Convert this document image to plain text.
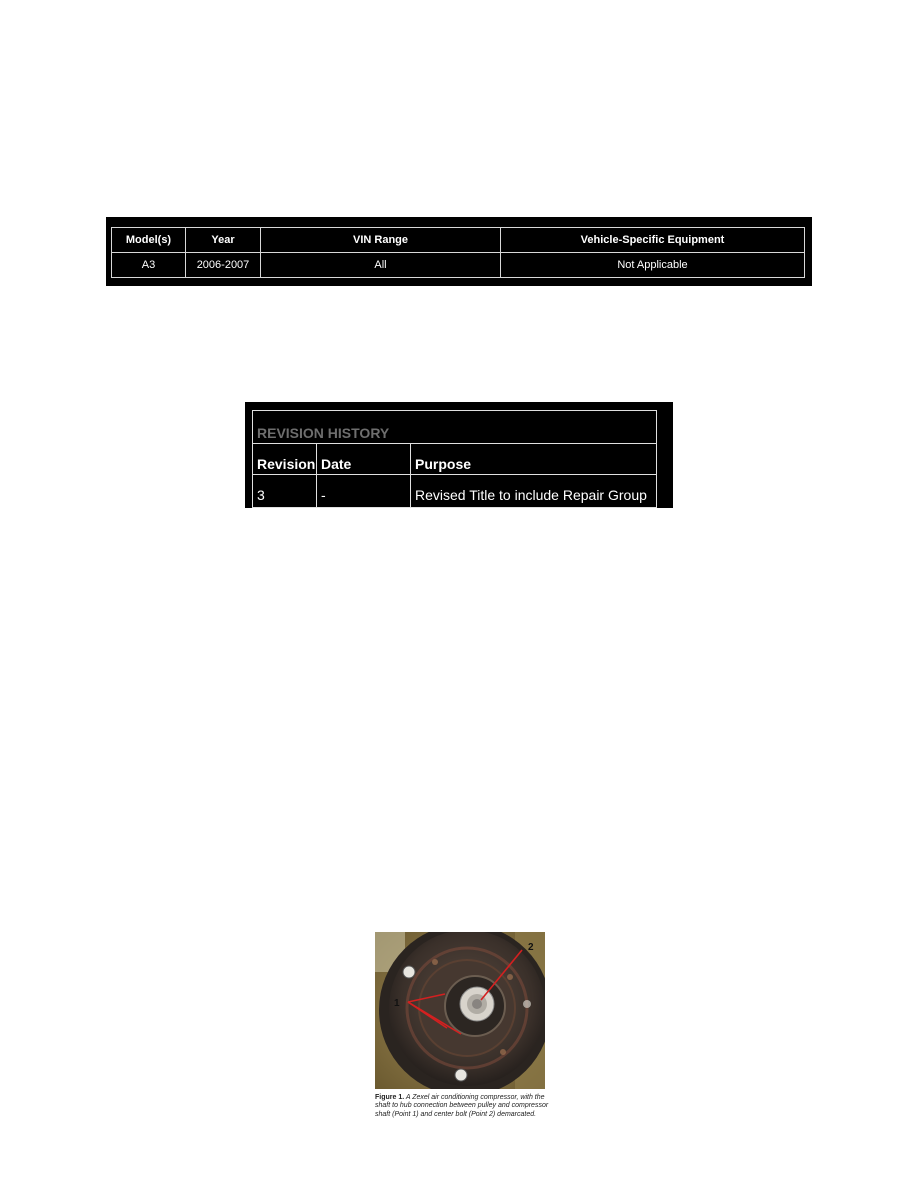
Model(s)	Year	VIN Range	Vehicle-Specific Equipment
A3	2006-2007	All	Not Applicable
REVISION HISTORY		
Revision	Date	Purpose
3	-	Revised Title to include Repair Group
1
2
Figure 1. A Zexel air conditioning compressor, with the shaft to hub connection between pulley and compressor shaft (Point 1) and center bolt (Point 2) demarcated.
